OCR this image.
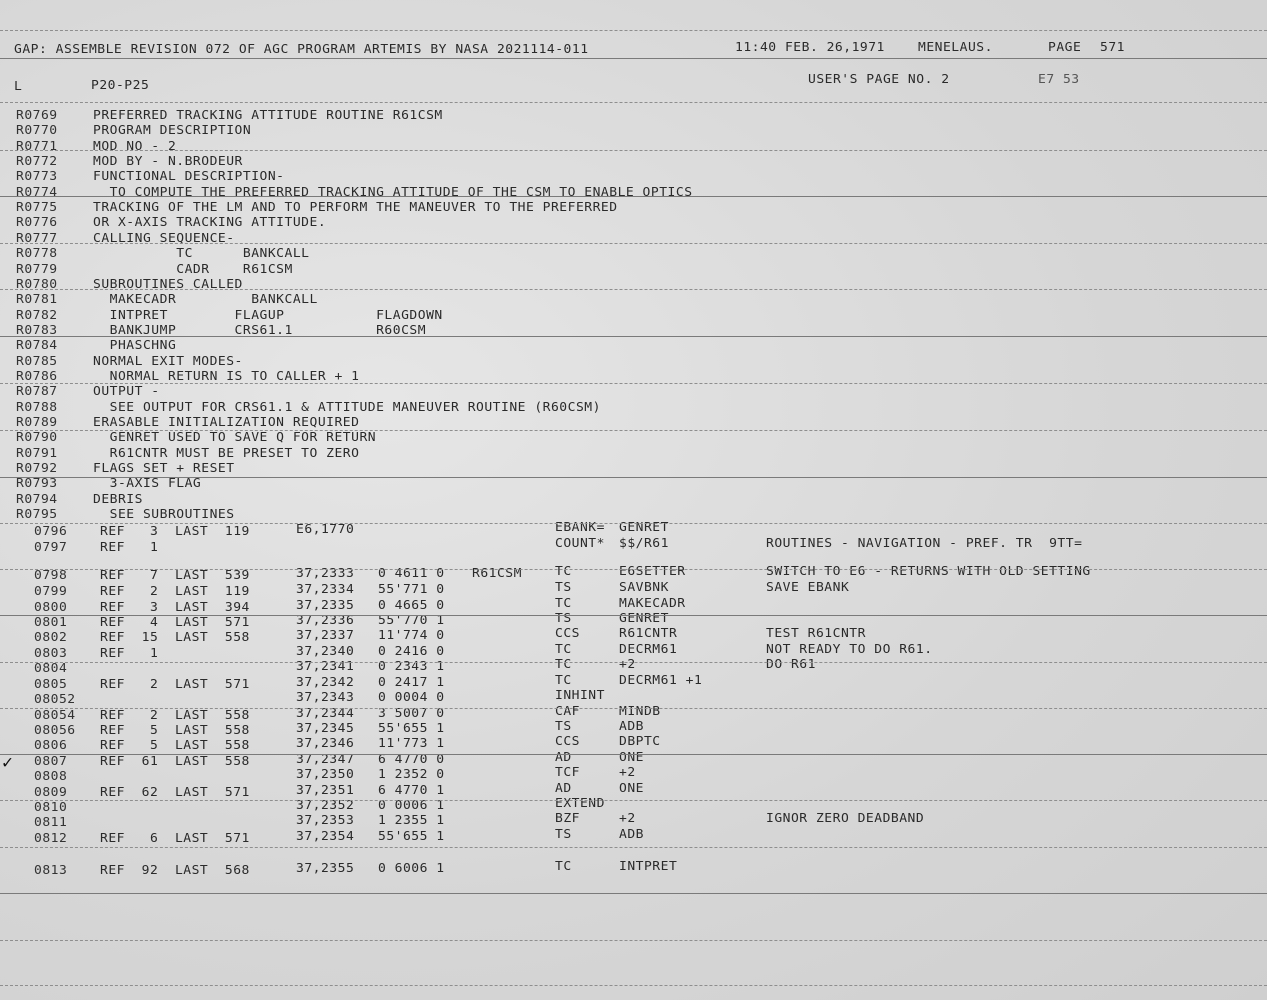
GAP: ASSEMBLE REVISION 072 OF AGC PROGRAM ARTEMIS BY NASA 2021114-011	11:40 FEB. 26,1971	MENELAUS.	PAGE 571
L	P20-P25	USER'S PAGE NO. 2	E7 53
R0769	PREFERRED TRACKING ATTITUDE ROUTINE R61CSM
R0770	PROGRAM DESCRIPTION
R0771	MOD NO - 2
R0772	MOD BY - N.BRODEUR
R0773	FUNCTIONAL DESCRIPTION-
R0774	TO COMPUTE THE PREFERRED TRACKING ATTITUDE OF THE CSM TO ENABLE OPTICS
R0775	TRACKING OF THE LM AND TO PERFORM THE MANEUVER TO THE PREFERRED
R0776	OR X-AXIS TRACKING ATTITUDE.
R0777	CALLING SEQUENCE-
R0778	TC      BANKCALL
R0779	CADR    R61CSM
R0780	SUBROUTINES CALLED
R0781	MAKECADR         BANKCALL
R0782	INTPRET        FLAGUP           FLAGDOWN
R0783	BANKJUMP       CRS61.1          R60CSM
R0784	PHASCHNG
R0785	NORMAL EXIT MODES-
R0786	NORMAL RETURN IS TO CALLER + 1
R0787	OUTPUT -
R0788	SEE OUTPUT FOR CRS61.1 & ATTITUDE MANEUVER ROUTINE (R60CSM)
R0789	ERASABLE INITIALIZATION REQUIRED
R0790	GENRET USED TO SAVE Q FOR RETURN
R0791	R61CNTR MUST BE PRESET TO ZERO
R0792	FLAGS SET + RESET
R0793	3-AXIS FLAG
R0794	DEBRIS
R0795	SEE SUBROUTINES
0796	REF   3  LAST  119	E6,1770	EBANK= GENRET
0797	REF   1	COUNT* $$/R61	ROUTINES - NAVIGATION - PREF. TR  9TT=
0798	REF   7  LAST  539	37,2333 0 4611 0 R61CSM	TC	E6SETTER	SWITCH TO E6 - RETURNS WITH OLD SETTING
0799	REF   2  LAST  119	37,2334 55'771 0	TS	SAVBNK	SAVE EBANK
0800	REF   3  LAST  394	37,2335 0 4665 0	TC	MAKECADR
0801	REF   4  LAST  571	37,2336 55'770 1	TS	GENRET
0802	REF  15  LAST  558	37,2337 11'774 0	CCS	R61CNTR	TEST R61CNTR
0803	REF   1	37,2340 0 2416 0	TC	DECRM61	NOT READY TO DO R61.
0804	37,2341 0 2343 1	TC	+2	DO R61
0805	REF   2  LAST  571	37,2342 0 2417 1	TC	DECRM61 +1
08052	37,2343 0 0004 0	INHINT
08054 REF   2  LAST  558	37,2344 3 5007 0	CAF	MINDB
08056 REF   5  LAST  558	37,2345 55'655 1	TS	ADB
0806	REF   5  LAST  558	37,2346 11'773 1	CCS	DBPTC
0807	REF  61  LAST  558	37,2347 6 4770 0	AD	ONE
0808	37,2350 1 2352 0	TCF	+2
0809	REF  62  LAST  571	37,2351 6 4770 1	AD	ONE
0810	37,2352 0 0006 1	EXTEND
0811	37,2353 1 2355 1	BZF	+2	IGNOR ZERO DEADBAND
0812	REF   6  LAST  571	37,2354 55'655 1	TS	ADB
0813	REF  92  LAST  568	37,2355 0 6006 1	TC	INTPRET
✓
